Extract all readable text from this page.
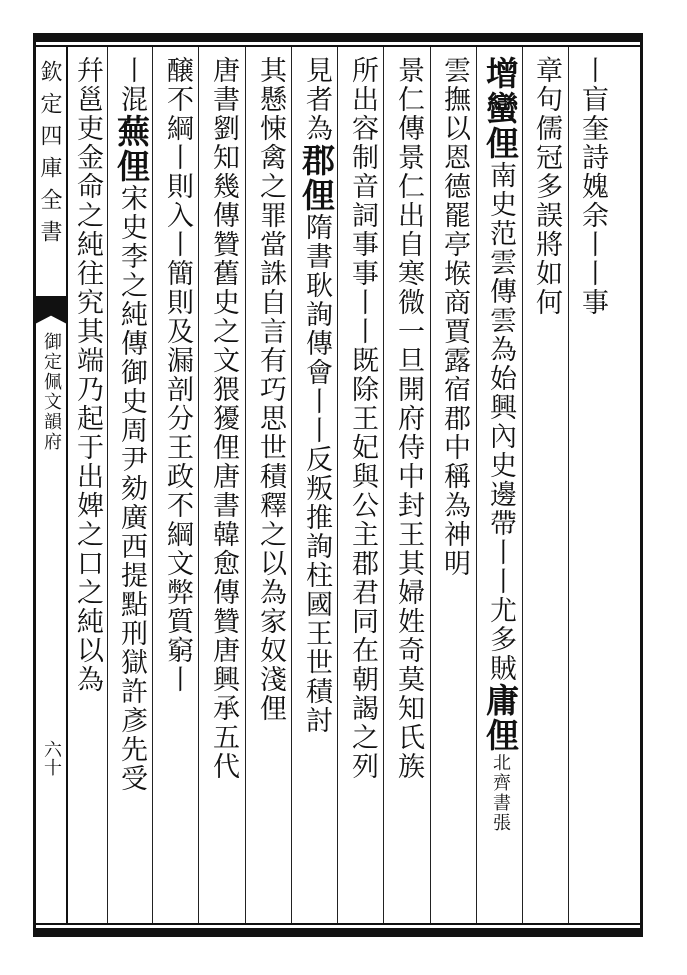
欽定四庫全書
御定佩文韻府
六十
丨盲奎詩媿余丨丨事
章句儒冠多誤將如何
增蠻俚南史范雲傳雲為始興內史邊帶丨丨尤多賊庸俚北齊書張
雲撫以恩德罷亭堠商賈露宿郡中稱為神明
景仁傳景仁出自寒微一旦開府侍中封王其婦姓奇莫知氏族
所出容制音詞事事丨丨既除王妃與公主郡君同在朝謁之列
見者為郡俚隋書耿詢傳會丨丨反叛推詢柱國王世積討
其懸悚禽之罪當誅自言有巧思世積釋之以為家奴淺俚
唐書劉知幾傳贊舊史之文猥獶俚唐書韓愈傳贊唐興承五代
醸不綱丨則入丨簡則及漏剖分王政不綱文弊質窮丨
丨混蕪俚宋史李之純傳御史周尹劾廣西提點刑獄許彥先受
幷邕吏金命之純往究其端乃起于出婢之口之純以為
